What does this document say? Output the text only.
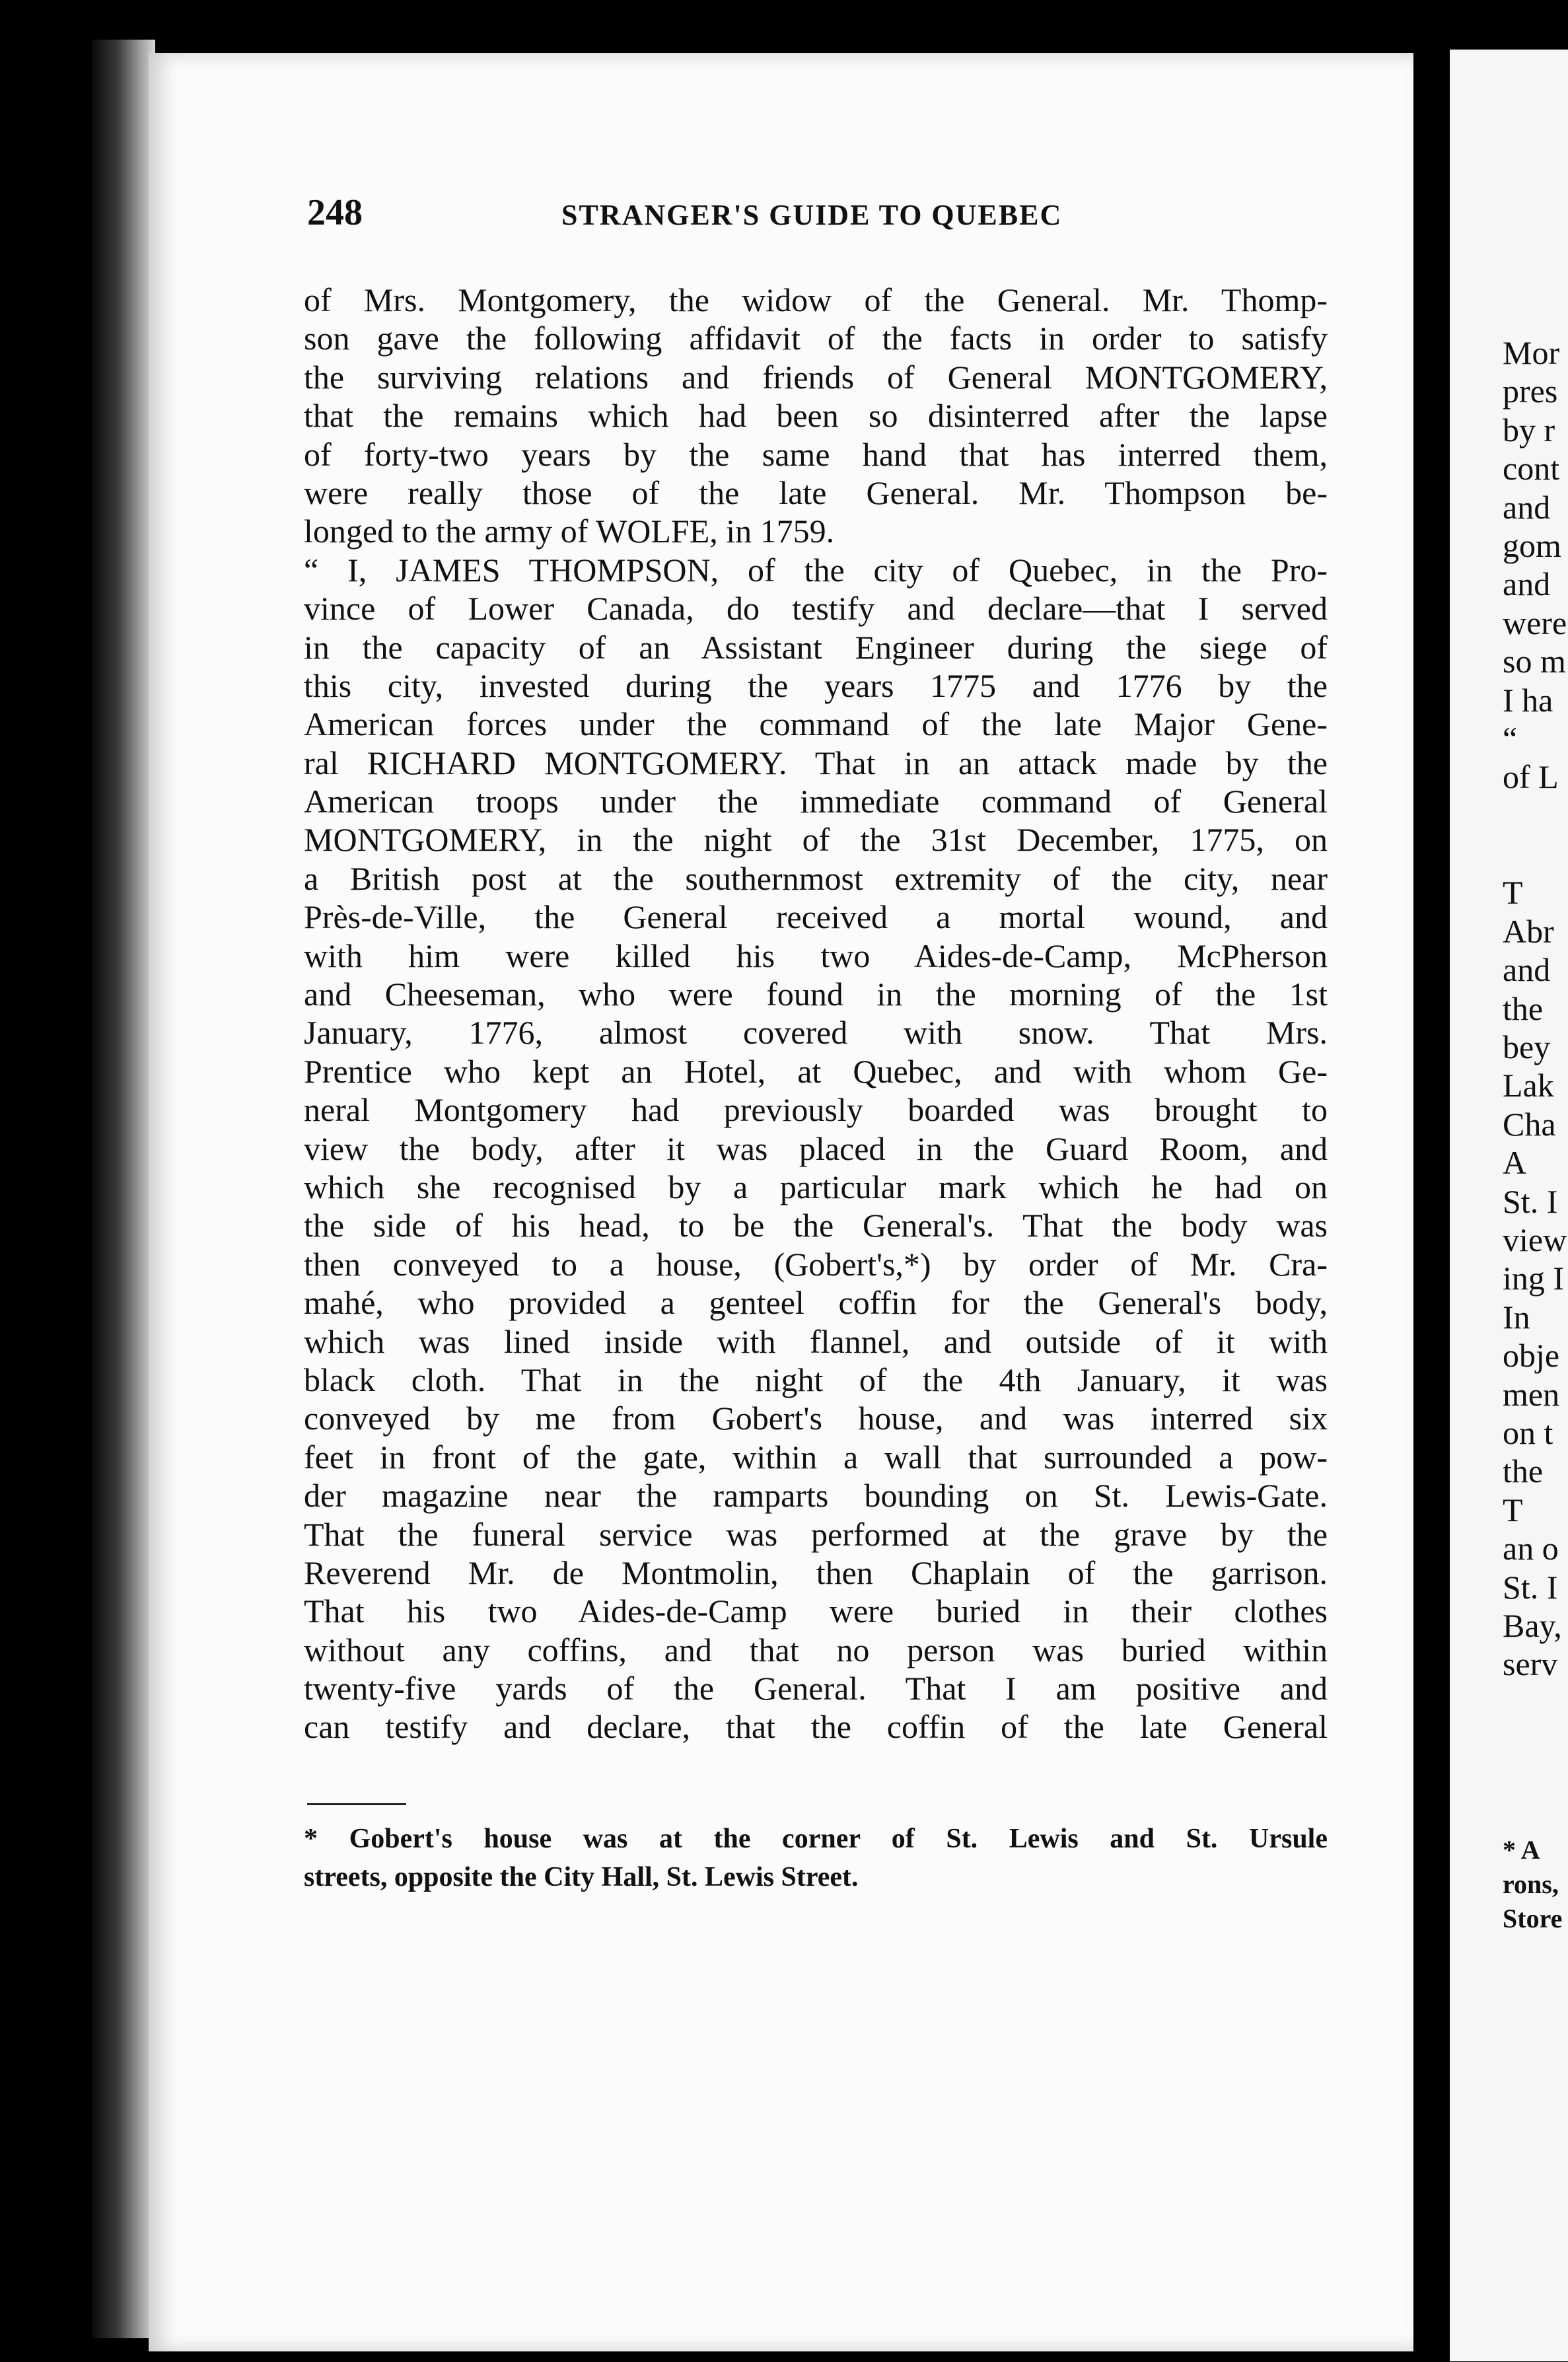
248	STRANGER'S GUIDE TO QUEBEC
of Mrs. Montgomery, the widow of the General. Mr. Thomp-
son gave the following affidavit of the facts in order to satisfy
the surviving relations and friends of General MONTGOMERY,
that the remains which had been so disinterred after the lapse
of forty-two years by the same hand that has interred them,
were really those of the late General. Mr. Thompson be-
longed to the army of WOLFE, in 1759.
“ I, JAMES THOMPSON, of the city of Quebec, in the Pro-
vince of Lower Canada, do testify and declare—that I served
in the capacity of an Assistant Engineer during the siege of
this city, invested during the years 1775 and 1776 by the
American forces under the command of the late Major Gene-
ral RICHARD MONTGOMERY. That in an attack made by the
American troops under the immediate command of General
MONTGOMERY, in the night of the 31st December, 1775, on
a British post at the southernmost extremity of the city, near
Près-de-Ville, the General received a mortal wound, and
with him were killed his two Aides-de-Camp, McPherson
and Cheeseman, who were found in the morning of the 1st
January, 1776, almost covered with snow. That Mrs.
Prentice who kept an Hotel, at Quebec, and with whom Ge-
neral Montgomery had previously boarded was brought to
view the body, after it was placed in the Guard Room, and
which she recognised by a particular mark which he had on
the side of his head, to be the General's. That the body was
then conveyed to a house, (Gobert's,*) by order of Mr. Cra-
mahé, who provided a genteel coffin for the General's body,
which was lined inside with flannel, and outside of it with
black cloth. That in the night of the 4th January, it was
conveyed by me from Gobert's house, and was interred six
feet in front of the gate, within a wall that surrounded a pow-
der magazine near the ramparts bounding on St. Lewis-Gate.
That the funeral service was performed at the grave by the
Reverend Mr. de Montmolin, then Chaplain of the garrison.
That his two Aides-de-Camp were buried in their clothes
without any coffins, and that no person was buried within
twenty-five yards of the General. That I am positive and
can testify and declare, that the coffin of the late General
* Gobert's house was at the corner of St. Lewis and St. Ursule
streets, opposite the City Hall, St. Lewis Street.
Mor
pres
by r
cont
and
gom
and
were
so m
I ha
“
of L
T
Abr
and
the
bey
Lak
Cha
A
St. I
view
ing I
In
obje
men
on t
the
T
an o
St. I
Bay,
serv
* A
rons,
Store
